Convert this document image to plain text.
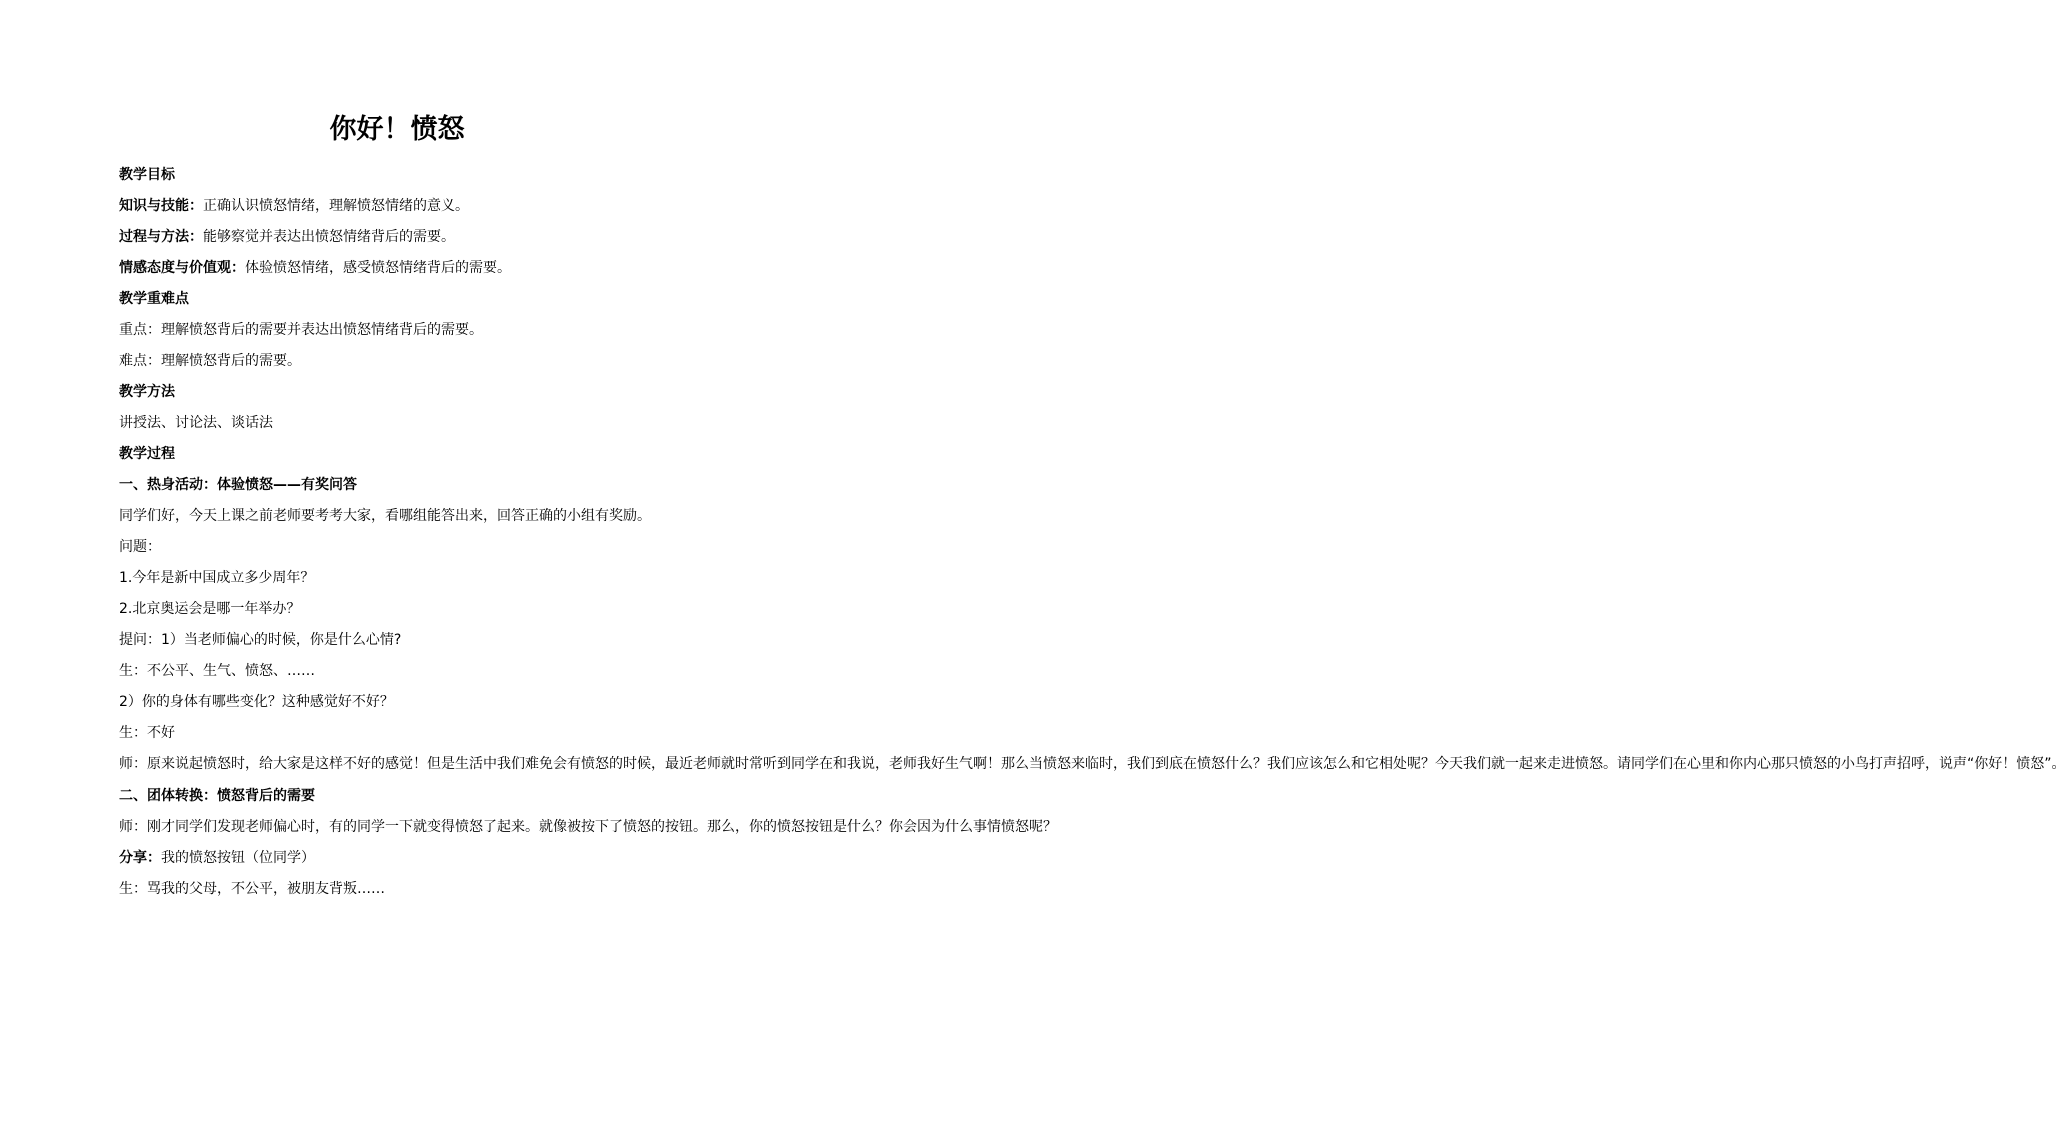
你好！愤怒

教学目标

知识与技能：正确认识愤怒情绪，理解愤怒情绪的意义。

过程与方法：能够察觉并表达出愤怒情绪背后的需要。

情感态度与价值观：体验愤怒情绪，感受愤怒情绪背后的需要。

教学重难点

重点：理解愤怒背后的需要并表达出愤怒情绪背后的需要。

难点：理解愤怒背后的需要。

教学方法

讲授法、讨论法、谈话法

教学过程

一、热身活动：体验愤怒——有奖问答

同学们好，今天上课之前老师要考考大家，看哪组能答出来，回答正确的小组有奖励。

问题：

1.今年是新中国成立多少周年？

2.北京奥运会是哪一年举办？

提问：1）当老师偏心的时候，你是什么心情?

生：不公平、生气、愤怒、……

2）你的身体有哪些变化？这种感觉好不好？

生：不好

师：原来说起愤怒时，给大家是这样不好的感觉！但是生活中我们难免会有愤怒的时候，最近老师就时常听到同学在和我说，老师我好生气啊！那么当愤怒来临时，我们到底在愤怒什么？我们应该怎么和它相处呢？今天我们就一起来走进愤怒。请同学们在心里和你内心那只愤怒的小鸟打声招呼，说声“你好！愤怒”。

二、团体转换：愤怒背后的需要

师：刚才同学们发现老师偏心时，有的同学一下就变得愤怒了起来。就像被按下了愤怒的按钮。那么，你的愤怒按钮是什么？你会因为什么事情愤怒呢？

分享：我的愤怒按钮（位同学）

生：骂我的父母，不公平，被朋友背叛……
